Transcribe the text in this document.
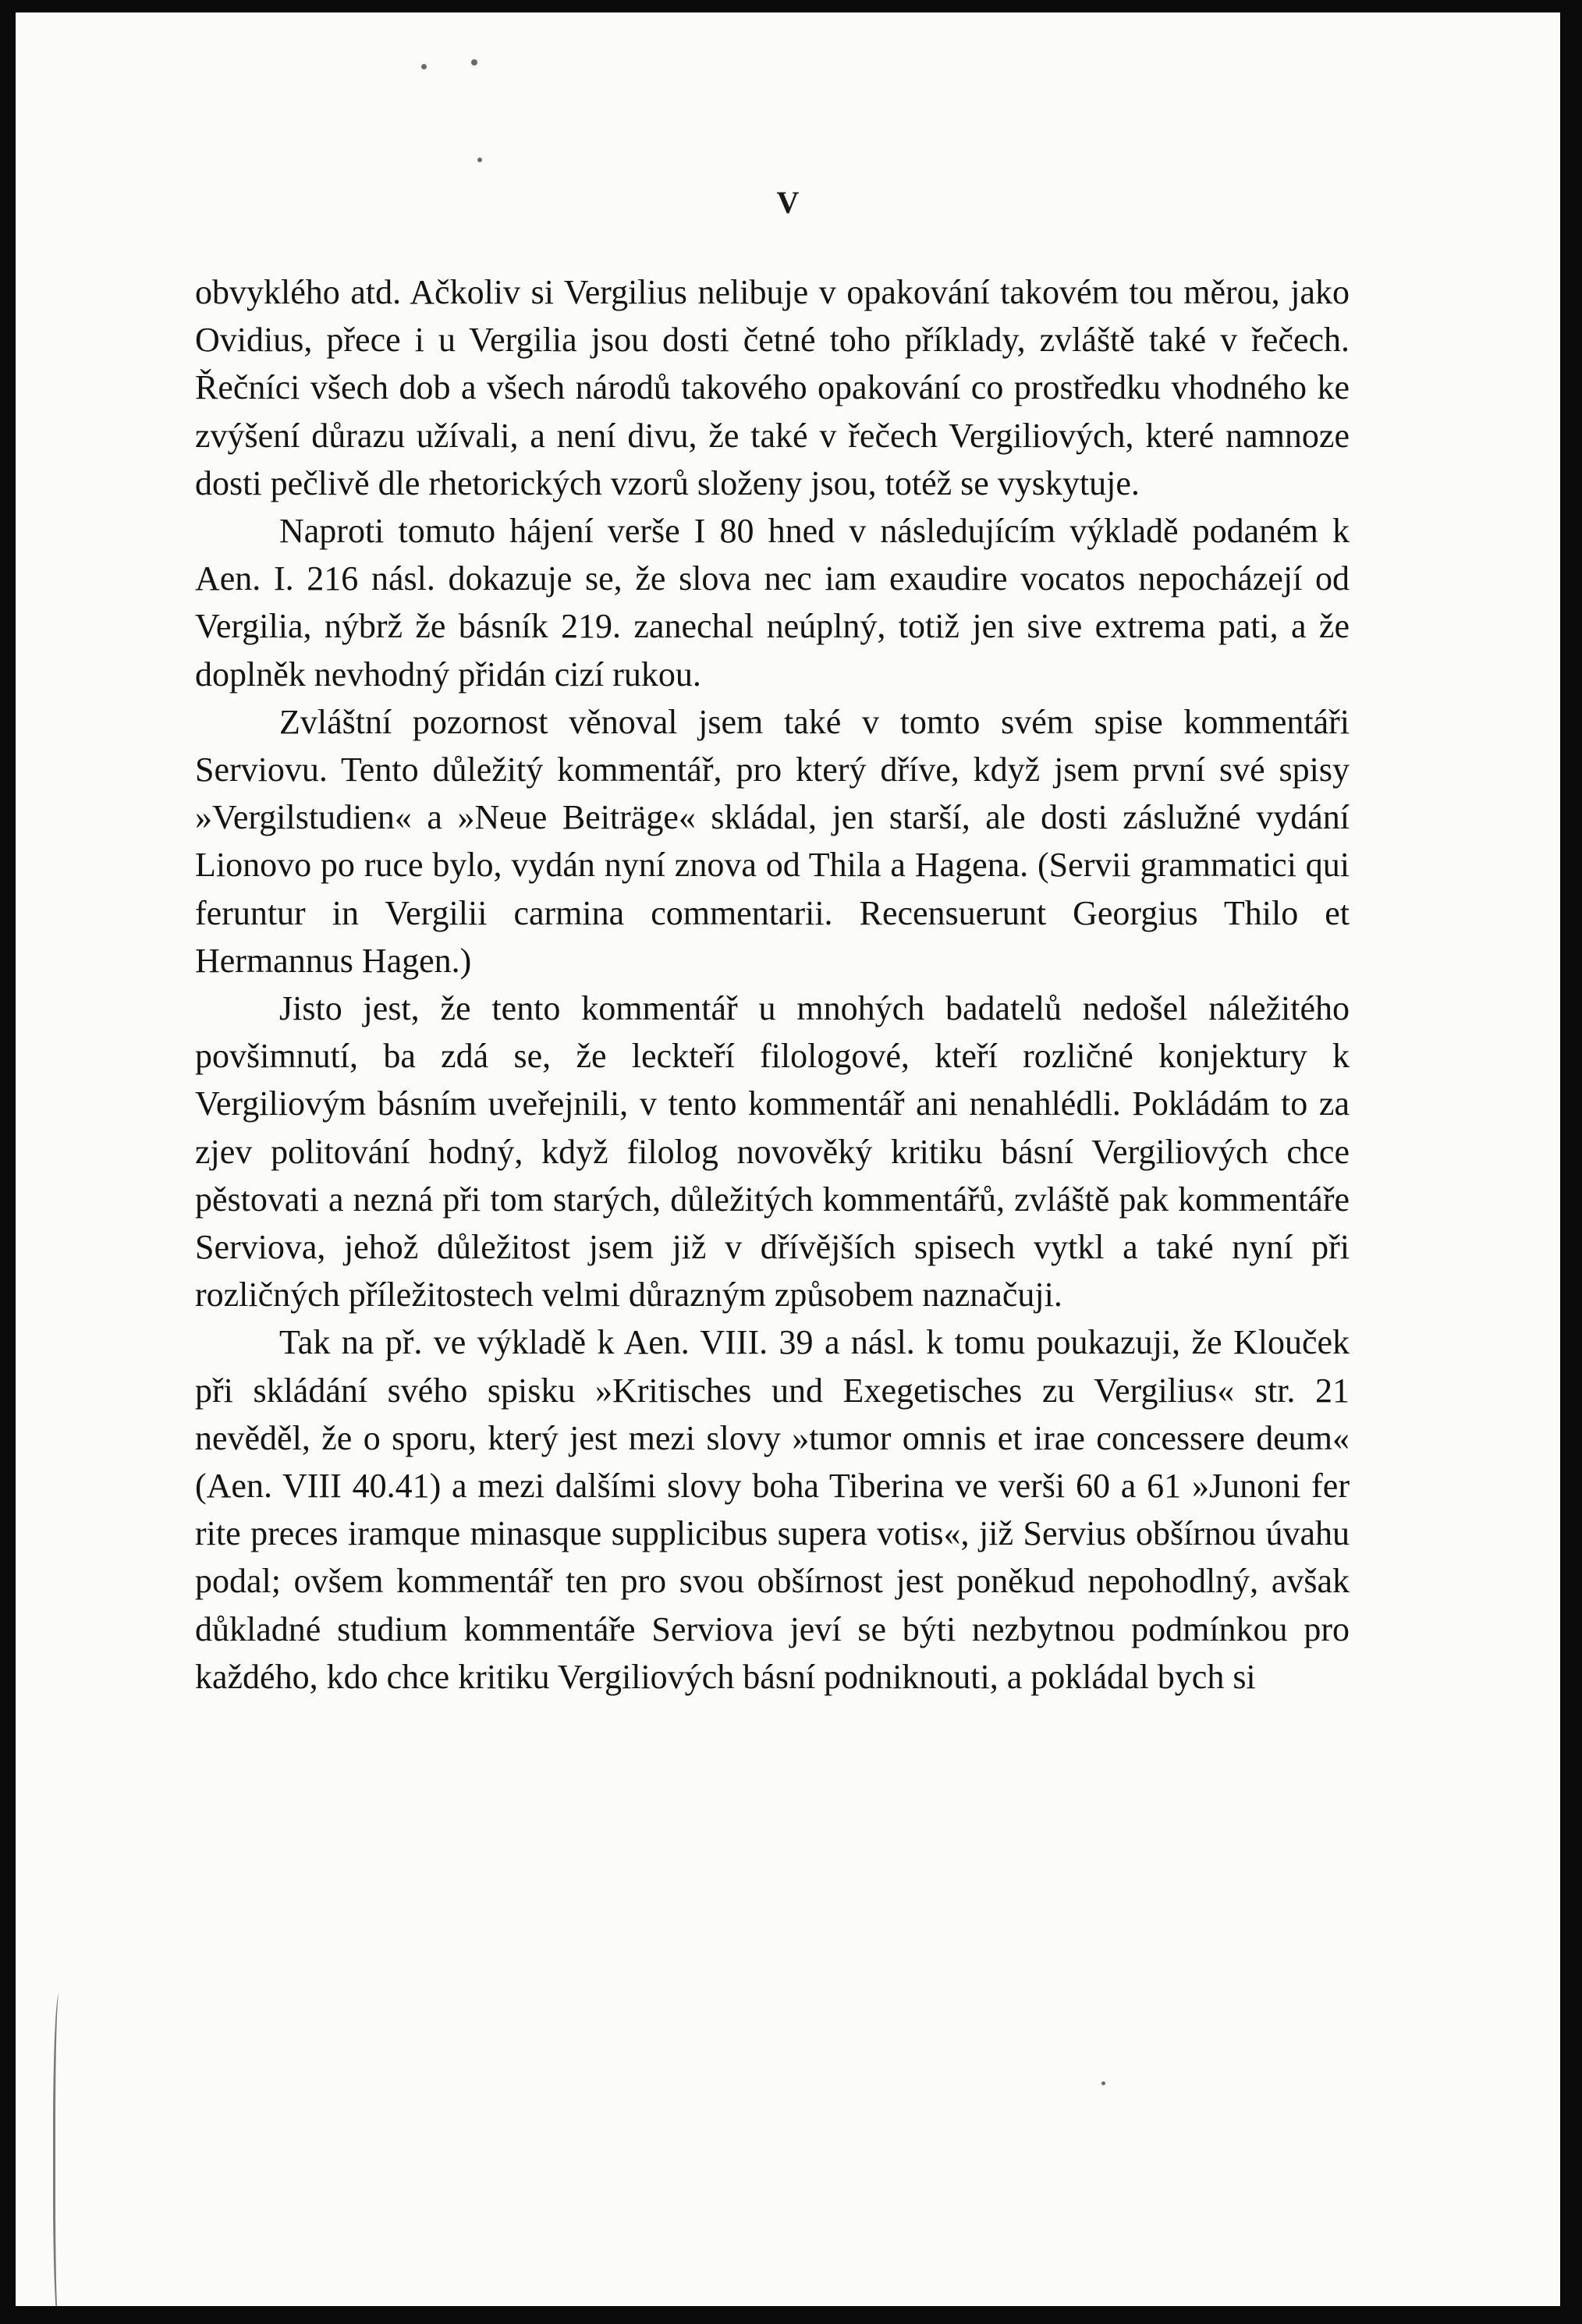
V

obvyklého atd. Ačkoliv si Vergilius nelibuje v opakování takovém tou měrou, jako Ovidius, přece i u Vergilia jsou dosti četné toho příklady, zvláště také v řečech. Řečníci všech dob a všech národů takového opakování co prostředku vhodného ke zvýšení důrazu užívali, a není divu, že také v řečech Vergiliových, které namnoze dosti pečlivě dle rhetorických vzorů složeny jsou, totéž se vyskytuje.

Naproti tomuto hájení verše I 80 hned v následujícím výkladě podaném k Aen. I. 216 násl. dokazuje se, že slova nec iam exaudire vocatos nepocházejí od Vergilia, nýbrž že básník 219. zanechal neúplný, totiž jen sive extrema pati, a že doplněk nevhodný přidán cizí rukou.

Zvláštní pozornost věnoval jsem také v tomto svém spise kommentáři Serviovu. Tento důležitý kommentář, pro který dříve, když jsem první své spisy »Vergilstudien« a »Neue Beiträge« skládal, jen starší, ale dosti záslužné vydání Lionovo po ruce bylo, vydán nyní znova od Thila a Hagena. (Servii grammatici qui feruntur in Vergilii carmina commentarii. Recensuerunt Georgius Thilo et Hermannus Hagen.)

Jisto jest, že tento kommentář u mnohých badatelů nedošel náležitého povšimnutí, ba zdá se, že leckteří filologové, kteří rozličné konjektury k Vergiliovým básním uveřejnili, v tento kommentář ani nenahlédli. Pokládám to za zjev politování hodný, když filolog novověký kritiku básní Vergiliových chce pěstovati a nezná při tom starých, důležitých kommentářů, zvláště pak kommentáře Serviova, jehož důležitost jsem již v dřívějších spisech vytkl a také nyní při rozličných příležitostech velmi důrazným způsobem naznačuji.

Tak na př. ve výkladě k Aen. VIII. 39 a násl. k tomu poukazuji, že Klouček při skládání svého spisku »Kritisches und Exegetisches zu Vergilius« str. 21 nevěděl, že o sporu, který jest mezi slovy »tumor omnis et irae concessere deum« (Aen. VIII 40.41) a mezi dalšími slovy boha Tiberina ve verši 60 a 61 »Junoni fer rite preces iramque minasque supplicibus supera votis«, již Servius obšírnou úvahu podal; ovšem kommentář ten pro svou obšírnost jest poněkud nepohodlný, avšak důkladné studium kommentáře Serviova jeví se býti nezbytnou podmínkou pro každého, kdo chce kritiku Vergiliových básní podniknouti, a pokládal bych si
